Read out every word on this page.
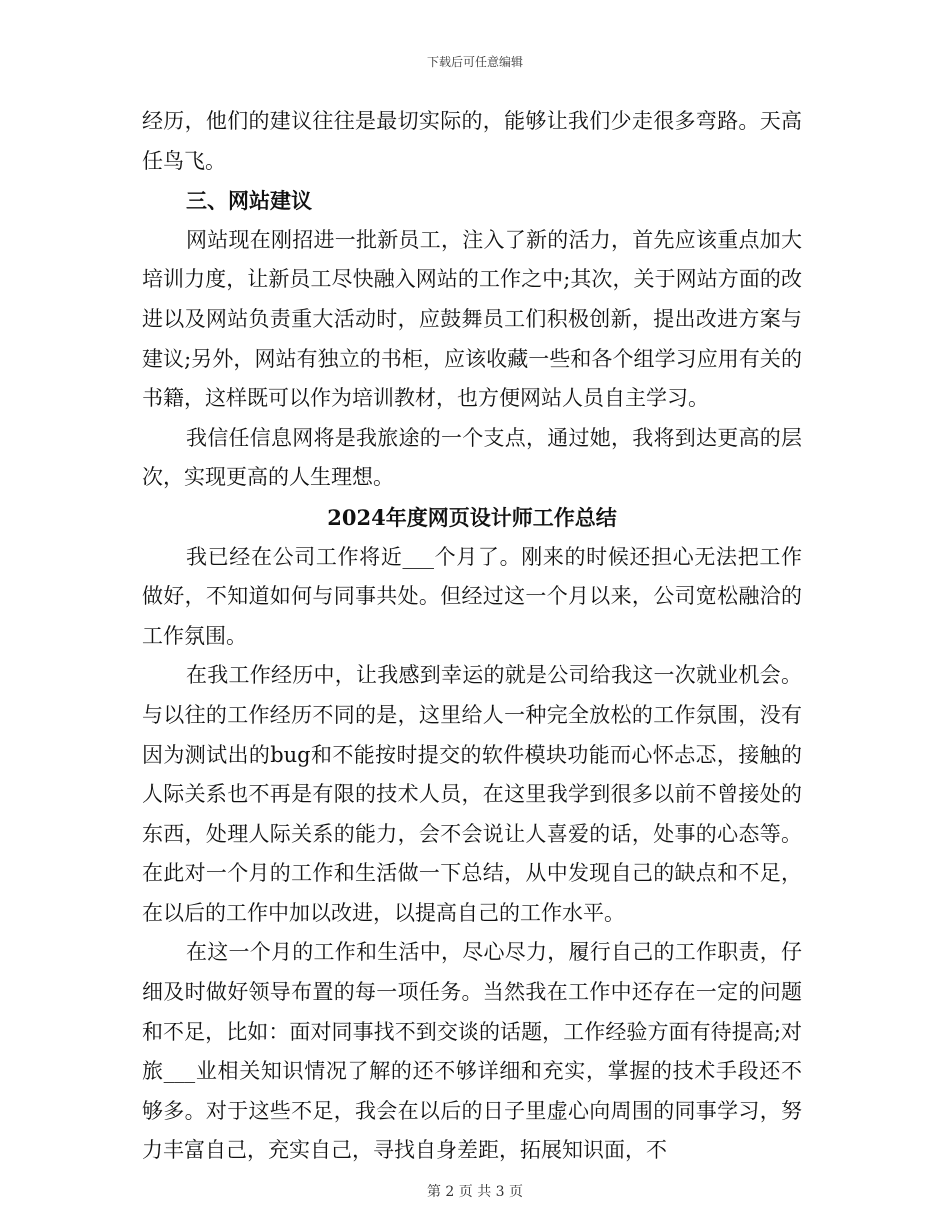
下载后可任意编辑

经历，他们的建议往往是最切实际的，能够让我们少走很多弯路。天高任鸟飞。

三、网站建议

网站现在刚招进一批新员工，注入了新的活力，首先应该重点加大培训力度，让新员工尽快融入网站的工作之中;其次，关于网站方面的改进以及网站负责重大活动时，应鼓舞员工们积极创新，提出改进方案与建议;另外，网站有独立的书柜，应该收藏一些和各个组学习应用有关的书籍，这样既可以作为培训教材，也方便网站人员自主学习。

我信任信息网将是我旅途的一个支点，通过她，我将到达更高的层次，实现更高的人生理想。

2024年度网页设计师工作总结

我已经在公司工作将近___个月了。刚来的时候还担心无法把工作做好，不知道如何与同事共处。但经过这一个月以来，公司宽松融洽的工作氛围。

在我工作经历中，让我感到幸运的就是公司给我这一次就业机会。与以往的工作经历不同的是，这里给人一种完全放松的工作氛围，没有因为测试出的bug和不能按时提交的软件模块功能而心怀忐忑，接触的人际关系也不再是有限的技术人员，在这里我学到很多以前不曾接处的东西，处理人际关系的能力，会不会说让人喜爱的话，处事的心态等。在此对一个月的工作和生活做一下总结，从中发现自己的缺点和不足，在以后的工作中加以改进，以提高自己的工作水平。

在这一个月的工作和生活中，尽心尽力，履行自己的工作职责，仔细及时做好领导布置的每一项任务。当然我在工作中还存在一定的问题和不足，比如：面对同事找不到交谈的话题，工作经验方面有待提高;对旅___业相关知识情况了解的还不够详细和充实，掌握的技术手段还不够多。对于这些不足，我会在以后的日子里虚心向周围的同事学习，努力丰富自己，充实自己，寻找自身差距，拓展知识面，不

第 2 页 共 3 页
